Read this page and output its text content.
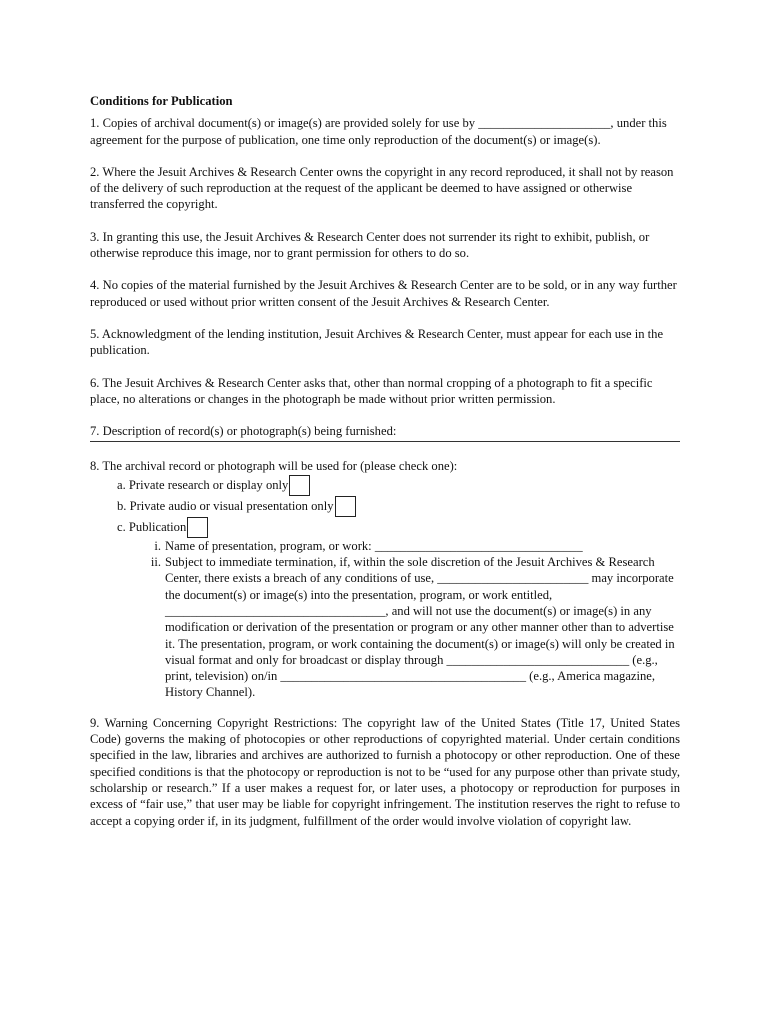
Conditions for Publication

1. Copies of archival document(s) or image(s) are provided solely for use by _____________________, under this agreement for the purpose of publication, one time only reproduction of the document(s) or image(s).

2. Where the Jesuit Archives & Research Center owns the copyright in any record reproduced, it shall not by reason of the delivery of such reproduction at the request of the applicant be deemed to have assigned or otherwise transferred the copyright.

3. In granting this use, the Jesuit Archives & Research Center does not surrender its right to exhibit, publish, or otherwise reproduce this image, nor to grant permission for others to do so.

4. No copies of the material furnished by the Jesuit Archives & Research Center are to be sold, or in any way further reproduced or used without prior written consent of the Jesuit Archives & Research Center.

5. Acknowledgment of the lending institution, Jesuit Archives & Research Center, must appear for each use in the publication.

6. The Jesuit Archives & Research Center asks that, other than normal cropping of a photograph to fit a specific place, no alterations or changes in the photograph be made without prior written permission.

7. Description of record(s) or photograph(s) being furnished:

8. The archival record or photograph will be used for (please check one):
a. Private research or display only
b. Private audio or visual presentation only
c. Publication
i. Name of presentation, program, or work: _________________________________
ii. Subject to immediate termination, if, within the sole discretion of the Jesuit Archives & Research Center, there exists a breach of any conditions of use, ________________________ may incorporate the document(s) or image(s) into the presentation, program, or work entitled, ___________________________________, and will not use the document(s) or image(s) in any modification or derivation of the presentation or program or any other manner other than to advertise it. The presentation, program, or work containing the document(s) or image(s) will only be created in visual format and only for broadcast or display through _____________________________ (e.g., print, television) on/in _______________________________________ (e.g., America magazine, History Channel).

9. Warning Concerning Copyright Restrictions: The copyright law of the United States (Title 17, United States Code) governs the making of photocopies or other reproductions of copyrighted material. Under certain conditions specified in the law, libraries and archives are authorized to furnish a photocopy or other reproduction. One of these specified conditions is that the photocopy or reproduction is not to be “used for any purpose other than private study, scholarship or research.” If a user makes a request for, or later uses, a photocopy or reproduction for purposes in excess of “fair use,” that user may be liable for copyright infringement. The institution reserves the right to refuse to accept a copying order if, in its judgment, fulfillment of the order would involve violation of copyright law.
